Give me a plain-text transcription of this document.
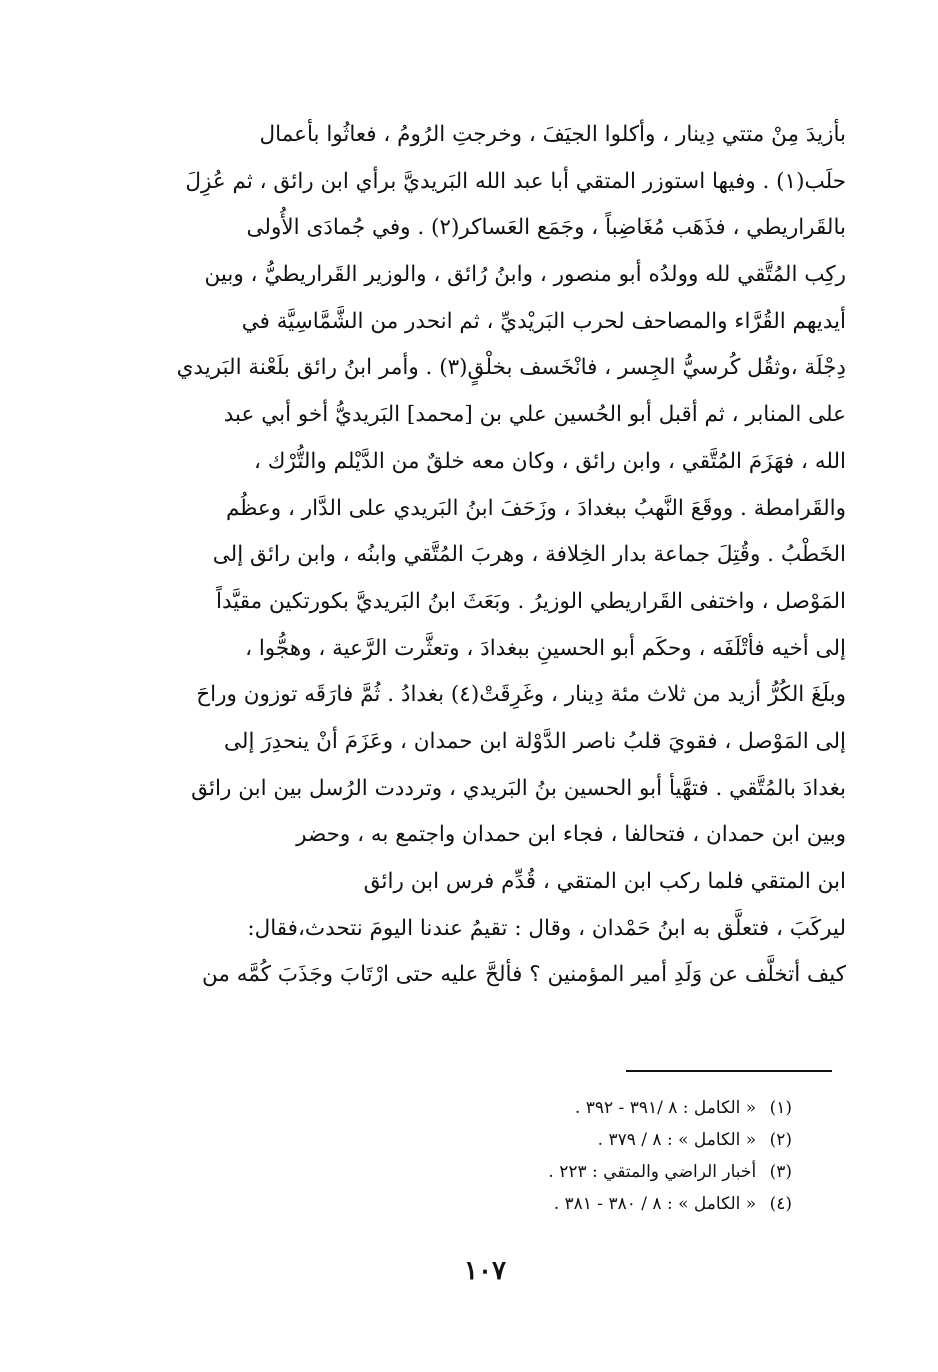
بأزيدَ مِنْ متتي دِينار ، وأكلوا الجيَفَ ، وخرجتِ الرُومُ ، فعاثُوا بأعمال
حلَب(١) . وفيها استوزر المتقي أبا عبد الله البَريديَّ برأي ابن رائق ، ثم عُزِلَ
بالقَراريطي ، فذَهَب مُغَاضِباً ، وجَمَع العَساكر(٢) . وفي جُمادَى الأُولى
ركِب المُتَّقي لله وولدُه أبو منصور ، وابنُ رُائق ، والوزير القَراريطيُّ ، وبين
أيديهم القُرَّاء والمصاحف لحرب البَريْديِّ ، ثم انحدر من الشَّمَّاسِيَّة في
دِجْلَة ،وثقُل كُرسيُّ الجِسر ، فانْخَسف بخلْقٍ(٣) . وأمر ابنُ رائق بلَعْنة البَريدي
على المنابر ، ثم أقبل أبو الحُسين علي بن [محمد] البَريديُّ أخو أبي عبد
الله ، فهَزَمَ المُتَّقي ، وابن رائق ، وكان معه خلقٌ من الدَّيْلم والتُّرْك ،
والقَرامطة . ووقَعَ النَّهبُ ببغدادَ ، وزَحَفَ ابنُ البَريدي على الدَّار ، وعظُم
الخَطْبُ . وقُتِلَ جماعة بدار الخِلافة ، وهربَ المُتَّقي وابنُه ، وابن رائق إلى
المَوْصل ، واختفى القَراريطي الوزيرُ . وبَعَثَ ابنُ البَريديَّ بكورتكين مقيَّداً
إلى أخيه فأتْلَفَه ، وحكَم أبو الحسينِ ببغدادَ ، وتعثَّرت الرَّعية ، وهجُّوا ،
وبلَغَ الكُرُّ أزيد من ثلاث مئة دِينار ، وغَرِقَتْ(٤) بغدادُ . ثُمَّ فارَقَه توزون وراحَ
إلى المَوْصل ، فقويَ قلبُ ناصر الدَّوْلة ابن حمدان ، وعَزَمَ أنْ ينحدِرَ إلى
بغدادَ بالمُتَّقي . فتهَّيأ أبو الحسين بنُ البَريدي ، وترددت الرُسل بين ابن رائق
وبين ابن حمدان ، فتحالفا ، فجاء ابن حمدان واجتمع به ، وحضر
ابن المتقي فلما ركب ابن المتقي ، قُدِّم فرس ابن رائق
ليركَبَ ، فتعلَّق به ابنُ حَمْدان ، وقال : تقيمُ عندنا اليومَ نتحدث،فقال:
كيف أتخلَّف عن وَلَدِ أمير المؤمنين ؟ فألحَّ عليه حتى ارْتَابَ وجَذَبَ كُمَّه من
(١) « الكامل : ٨ /٣٩١ - ٣٩٢ .
(٢) « الكامل » : ٨ / ٣٧٩ .
(٣) أخبار الراضي والمتقي : ٢٢٣ .
(٤) « الكامل » : ٨ / ٣٨٠ - ٣٨١ .
١٠٧
